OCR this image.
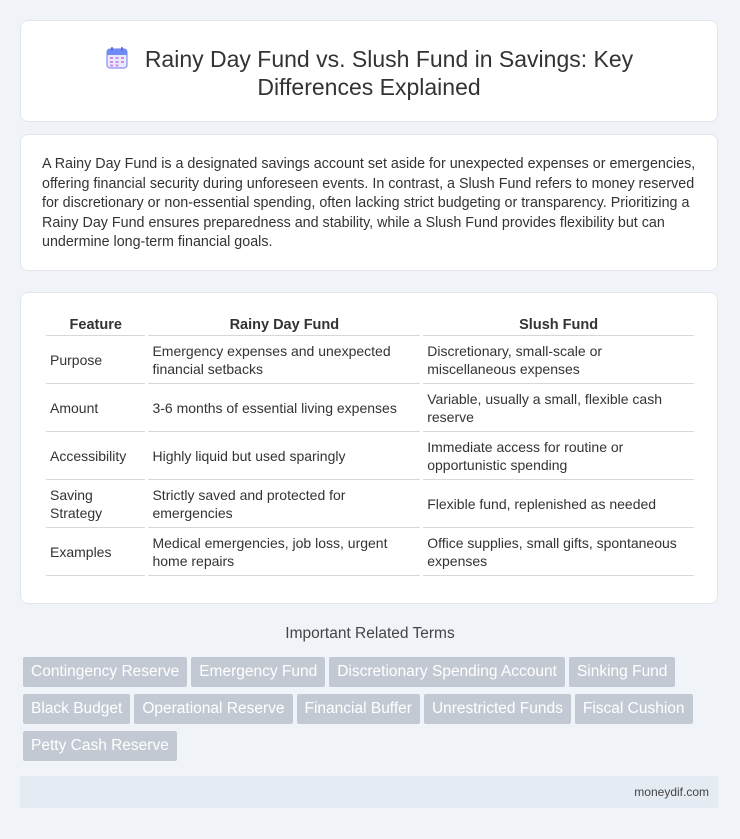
Rainy Day Fund vs. Slush Fund in Savings: Key
Differences Explained
A Rainy Day Fund is a designated savings account set aside for unexpected expenses or emergencies, offering financial security during unforeseen events. In contrast, a Slush Fund refers to money reserved for discretionary or non-essential spending, often lacking strict budgeting or transparency. Prioritizing a Rainy Day Fund ensures preparedness and stability, while a Slush Fund provides flexibility but can undermine long-term financial goals.
Feature	Rainy Day Fund	Slush Fund
Purpose	Emergency expenses and unexpected financial setbacks	Discretionary, small-scale or miscellaneous expenses
Amount	3-6 months of essential living expenses	Variable, usually a small, flexible cash reserve
Accessibility	Highly liquid but used sparingly	Immediate access for routine or opportunistic spending
Saving Strategy	Strictly saved and protected for emergencies	Flexible fund, replenished as needed
Examples	Medical emergencies, job loss, urgent home repairs	Office supplies, small gifts, spontaneous expenses
Important Related Terms
Contingency Reserve Emergency Fund Discretionary Spending Account Sinking Fund
Black Budget Operational Reserve Financial Buffer Unrestricted Funds Fiscal Cushion
Petty Cash Reserve
moneydif.com
